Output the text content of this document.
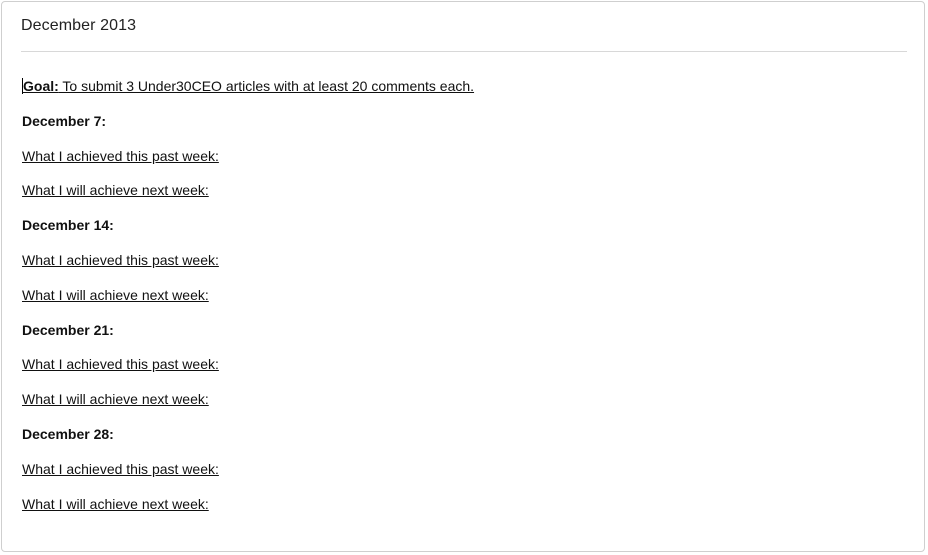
December 2013
Goal: To submit 3 Under30CEO articles with at least 20 comments each.
December 7:
What I achieved this past week:
What I will achieve next week:
December 14:
What I achieved this past week:
What I will achieve next week:
December 21:
What I achieved this past week:
What I will achieve next week:
December 28:
What I achieved this past week:
What I will achieve next week:
